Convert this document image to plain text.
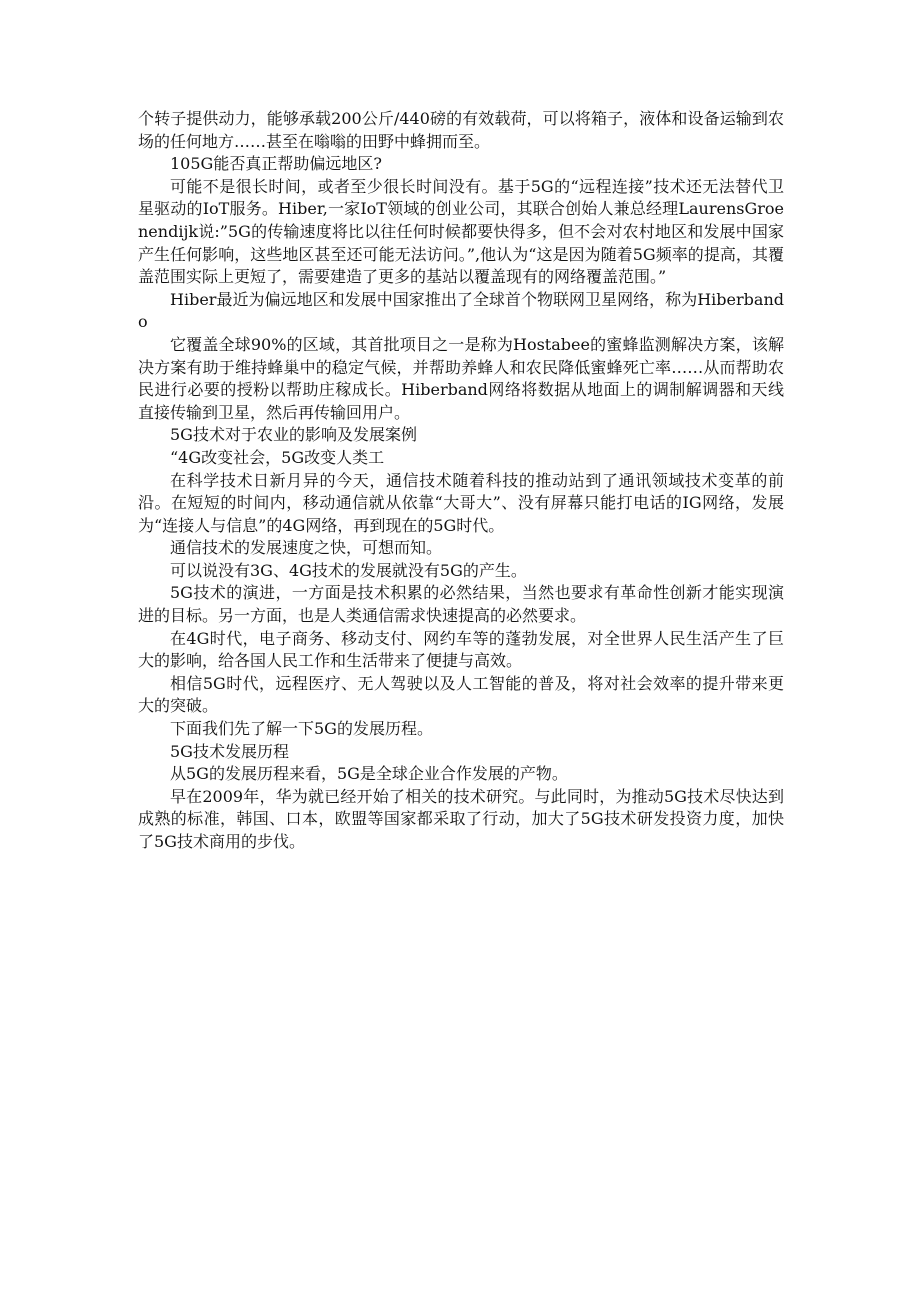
个转子提供动力，能够承载200公斤/440磅的有效载荷，可以将箱子，液体和设备运输到农场的任何地方……甚至在嗡嗡的田野中蜂拥而至。

105G能否真正帮助偏远地区?

可能不是很长时间，或者至少很长时间没有。基于5G的“远程连接”技术还无法替代卫星驱动的IoT服务。Hiber,一家IoT领域的创业公司，其联合创始人兼总经理LaurensGroenendijk说:”5G的传输速度将比以往任何时候都要快得多，但不会对农村地区和发展中国家产生任何影响，这些地区甚至还可能无法访问。”,他认为“这是因为随着5G频率的提高，其覆盖范围实际上更短了，需要建造了更多的基站以覆盖现有的网络覆盖范围。”

Hiber最近为偏远地区和发展中国家推出了全球首个物联网卫星网络，称为Hiberbando

它覆盖全球90%的区域，其首批项目之一是称为Hostabee的蜜蜂监测解决方案，该解决方案有助于维持蜂巢中的稳定气候，并帮助养蜂人和农民降低蜜蜂死亡率……从而帮助农民进行必要的授粉以帮助庄稼成长。Hiberband网络将数据从地面上的调制解调器和天线直接传输到卫星，然后再传输回用户。

5G技术对于农业的影响及发展案例

“4G改变社会，5G改变人类工

在科学技术日新月异的今天，通信技术随着科技的推动站到了通讯领域技术变革的前沿。在短短的时间内，移动通信就从依靠“大哥大”、没有屏幕只能打电话的IG网络，发展为“连接人与信息”的4G网络，再到现在的5G时代。

通信技术的发展速度之快，可想而知。

可以说没有3G、4G技术的发展就没有5G的产生。

5G技术的演进，一方面是技术积累的必然结果，当然也要求有革命性创新才能实现演进的目标。另一方面，也是人类通信需求快速提高的必然要求。

在4G时代，电子商务、移动支付、网约车等的蓬勃发展，对全世界人民生活产生了巨大的影响，给各国人民工作和生活带来了便捷与高效。

相信5G时代，远程医疗、无人驾驶以及人工智能的普及，将对社会效率的提升带来更大的突破。

下面我们先了解一下5G的发展历程。

5G技术发展历程

从5G的发展历程来看，5G是全球企业合作发展的产物。

早在2009年，华为就已经开始了相关的技术研究。与此同时，为推动5G技术尽快达到成熟的标准，韩国、口本，欧盟等国家都采取了行动，加大了5G技术研发投资力度，加快了5G技术商用的步伐。
